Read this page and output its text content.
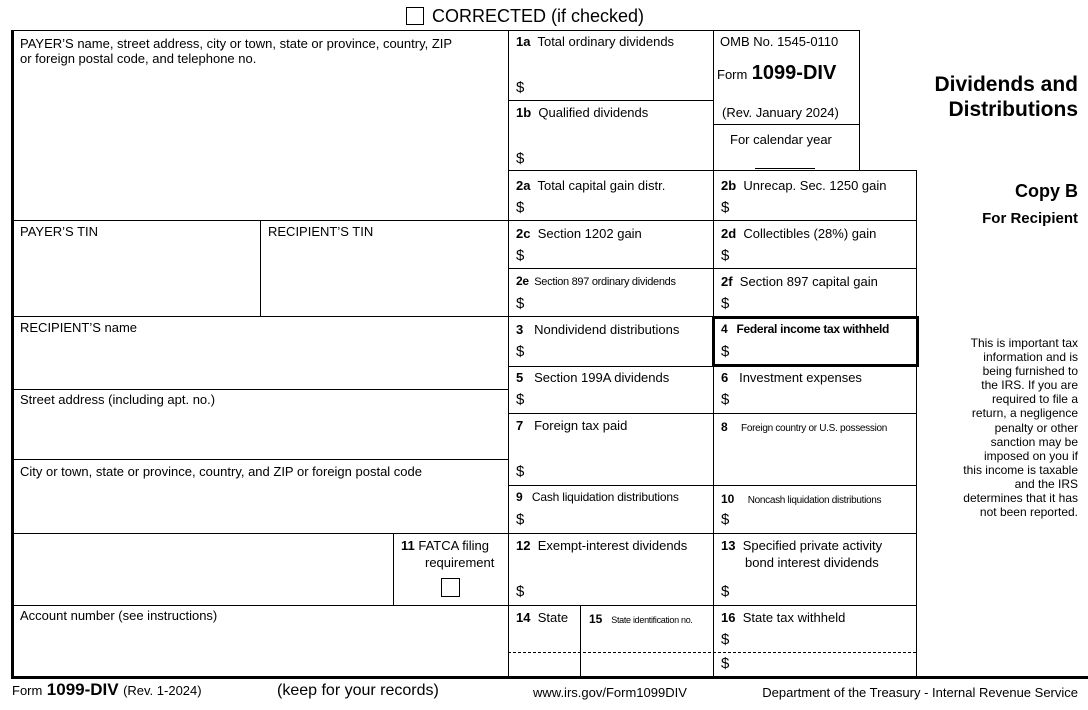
CORRECTED (if checked)
PAYER’S name, street address, city or town, state or province, country, ZIP
or foreign postal code, and telephone no.
PAYER’S TIN	RECIPIENT’S TIN
RECIPIENT’S name
Street address (including apt. no.)
City or town, state or province, country, and ZIP or foreign postal code
11 FATCA filing
requirement
Account number (see instructions)
1a Total ordinary dividends
$
1b Qualified dividends
$
2a Total capital gain distr.
$
2c Section 1202 gain
$
2e Section 897 ordinary dividends
$
3 Nondividend distributions
$
5 Section 199A dividends
$
7 Foreign tax paid
$
9 Cash liquidation distributions
$
12 Exempt-interest dividends
$
14 State 15 State identification no.
OMB No. 1545-0110
Form 1099-DIV
(Rev. January 2024)
For calendar year
2b Unrecap. Sec. 1250 gain
$
2d Collectibles (28%) gain
$
2f Section 897 capital gain
$
4 Federal income tax withheld
$
6 Investment expenses
$
8 Foreign country or U.S. possession
10 Noncash liquidation distributions
$
13 Specified private activity
bond interest dividends
$
16 State tax withheld
$
$
Dividends and
Distributions
Copy B
For Recipient
This is important tax
information and is
being furnished to
the IRS. If you are
required to file a
return, a negligence
penalty or other
sanction may be
imposed on you if
this income is taxable
and the IRS
determines that it has
not been reported.
Form 1099-DIV (Rev. 1-2024)	(keep for your records)	www.irs.gov/Form1099DIV	Department of the Treasury - Internal Revenue Service
